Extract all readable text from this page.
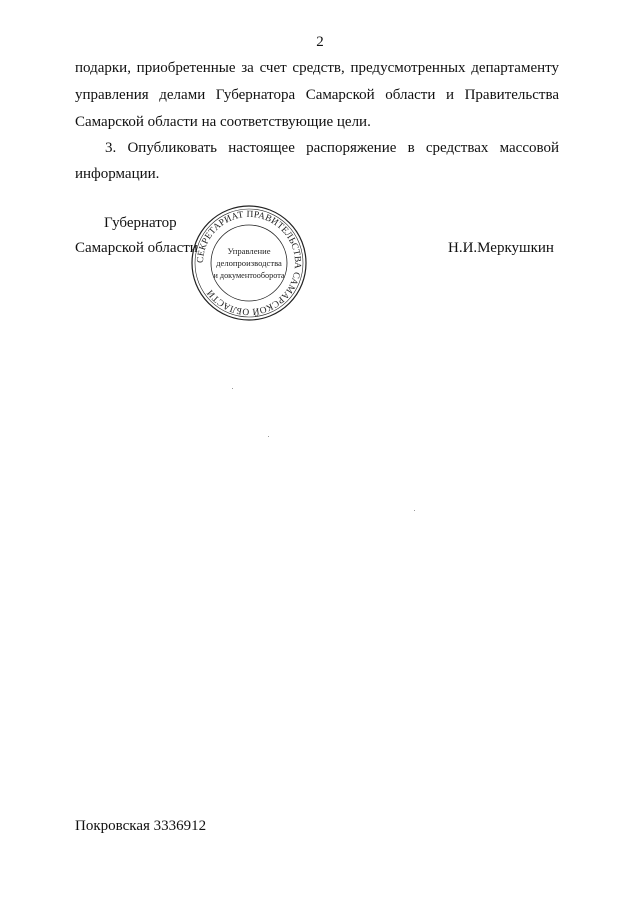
2
подарки, приобретенные за счет средств, предусмотренных департаменту
управления делами Губернатора Самарской области и Правительства
Самарской области на соответствующие цели.
3. Опубликовать настоящее распоряжение в средствах массовой
информации.
Губернатор
Самарской области	Н.И.Меркушкин
СЕКРЕТАРИАТ ПРАВИТЕЛЬСТВА САМАРСКОЙ ОБЛАСТИ
Управление
делопроизводства
и документооборота
Покровская 3336912
